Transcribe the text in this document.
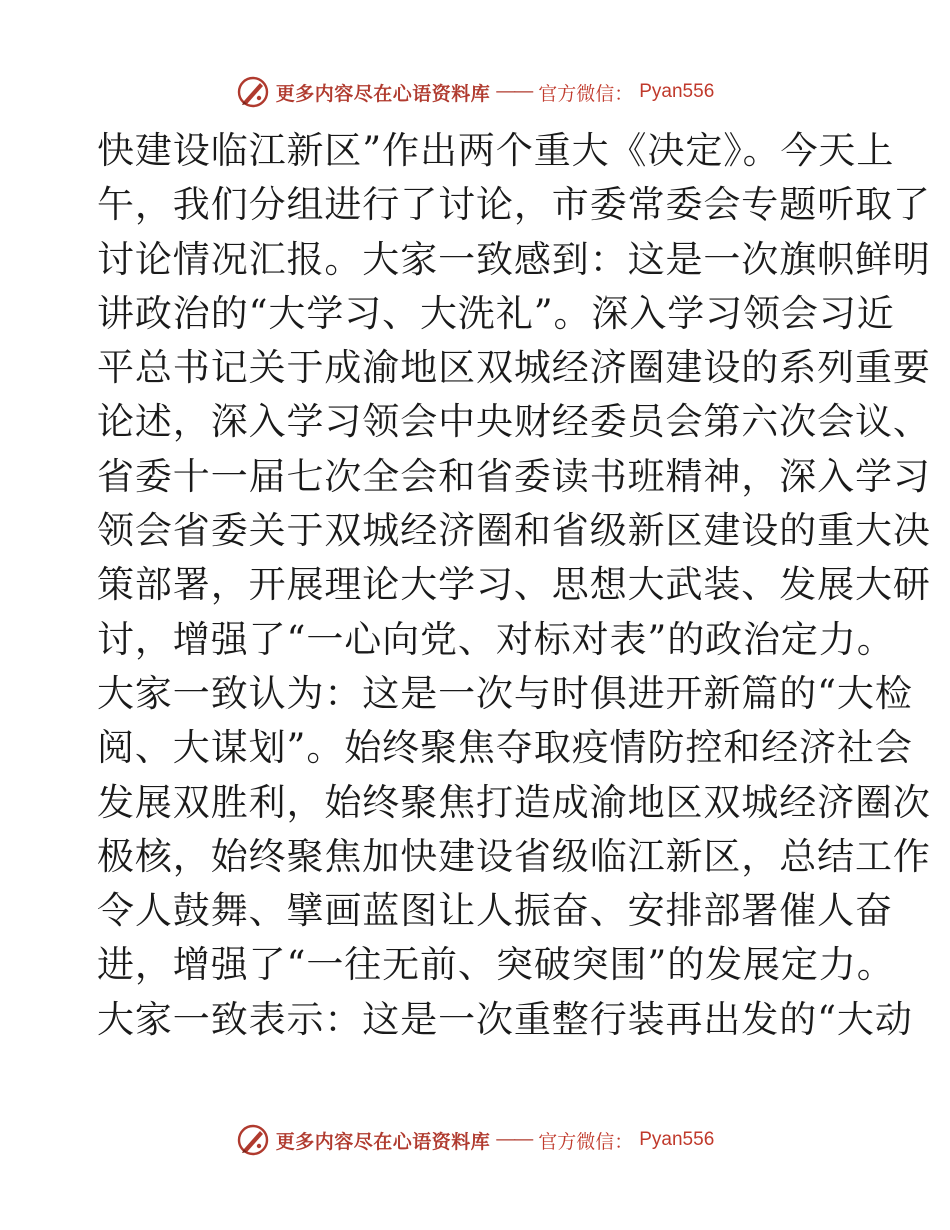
更多内容尽在心语资料库 —— 官方微信： Pyan556
快建设临江新区”作出两个重大《决定》。今天上
午，我们分组进行了讨论，市委常委会专题听取了
讨论情况汇报。大家一致感到：这是一次旗帜鲜明
讲政治的“大学习、大洗礼”。深入学习领会习近
平总书记关于成渝地区双城经济圈建设的系列重要
论述，深入学习领会中央财经委员会第六次会议、
省委十一届七次全会和省委读书班精神，深入学习
领会省委关于双城经济圈和省级新区建设的重大决
策部署，开展理论大学习、思想大武装、发展大研
讨，增强了“一心向党、对标对表”的政治定力。
大家一致认为：这是一次与时俱进开新篇的“大检
阅、大谋划”。始终聚焦夺取疫情防控和经济社会
发展双胜利，始终聚焦打造成渝地区双城经济圈次
极核，始终聚焦加快建设省级临江新区，总结工作
令人鼓舞、擘画蓝图让人振奋、安排部署催人奋
进，增强了“一往无前、突破突围”的发展定力。
大家一致表示：这是一次重整行装再出发的“大动
更多内容尽在心语资料库 —— 官方微信： Pyan556
